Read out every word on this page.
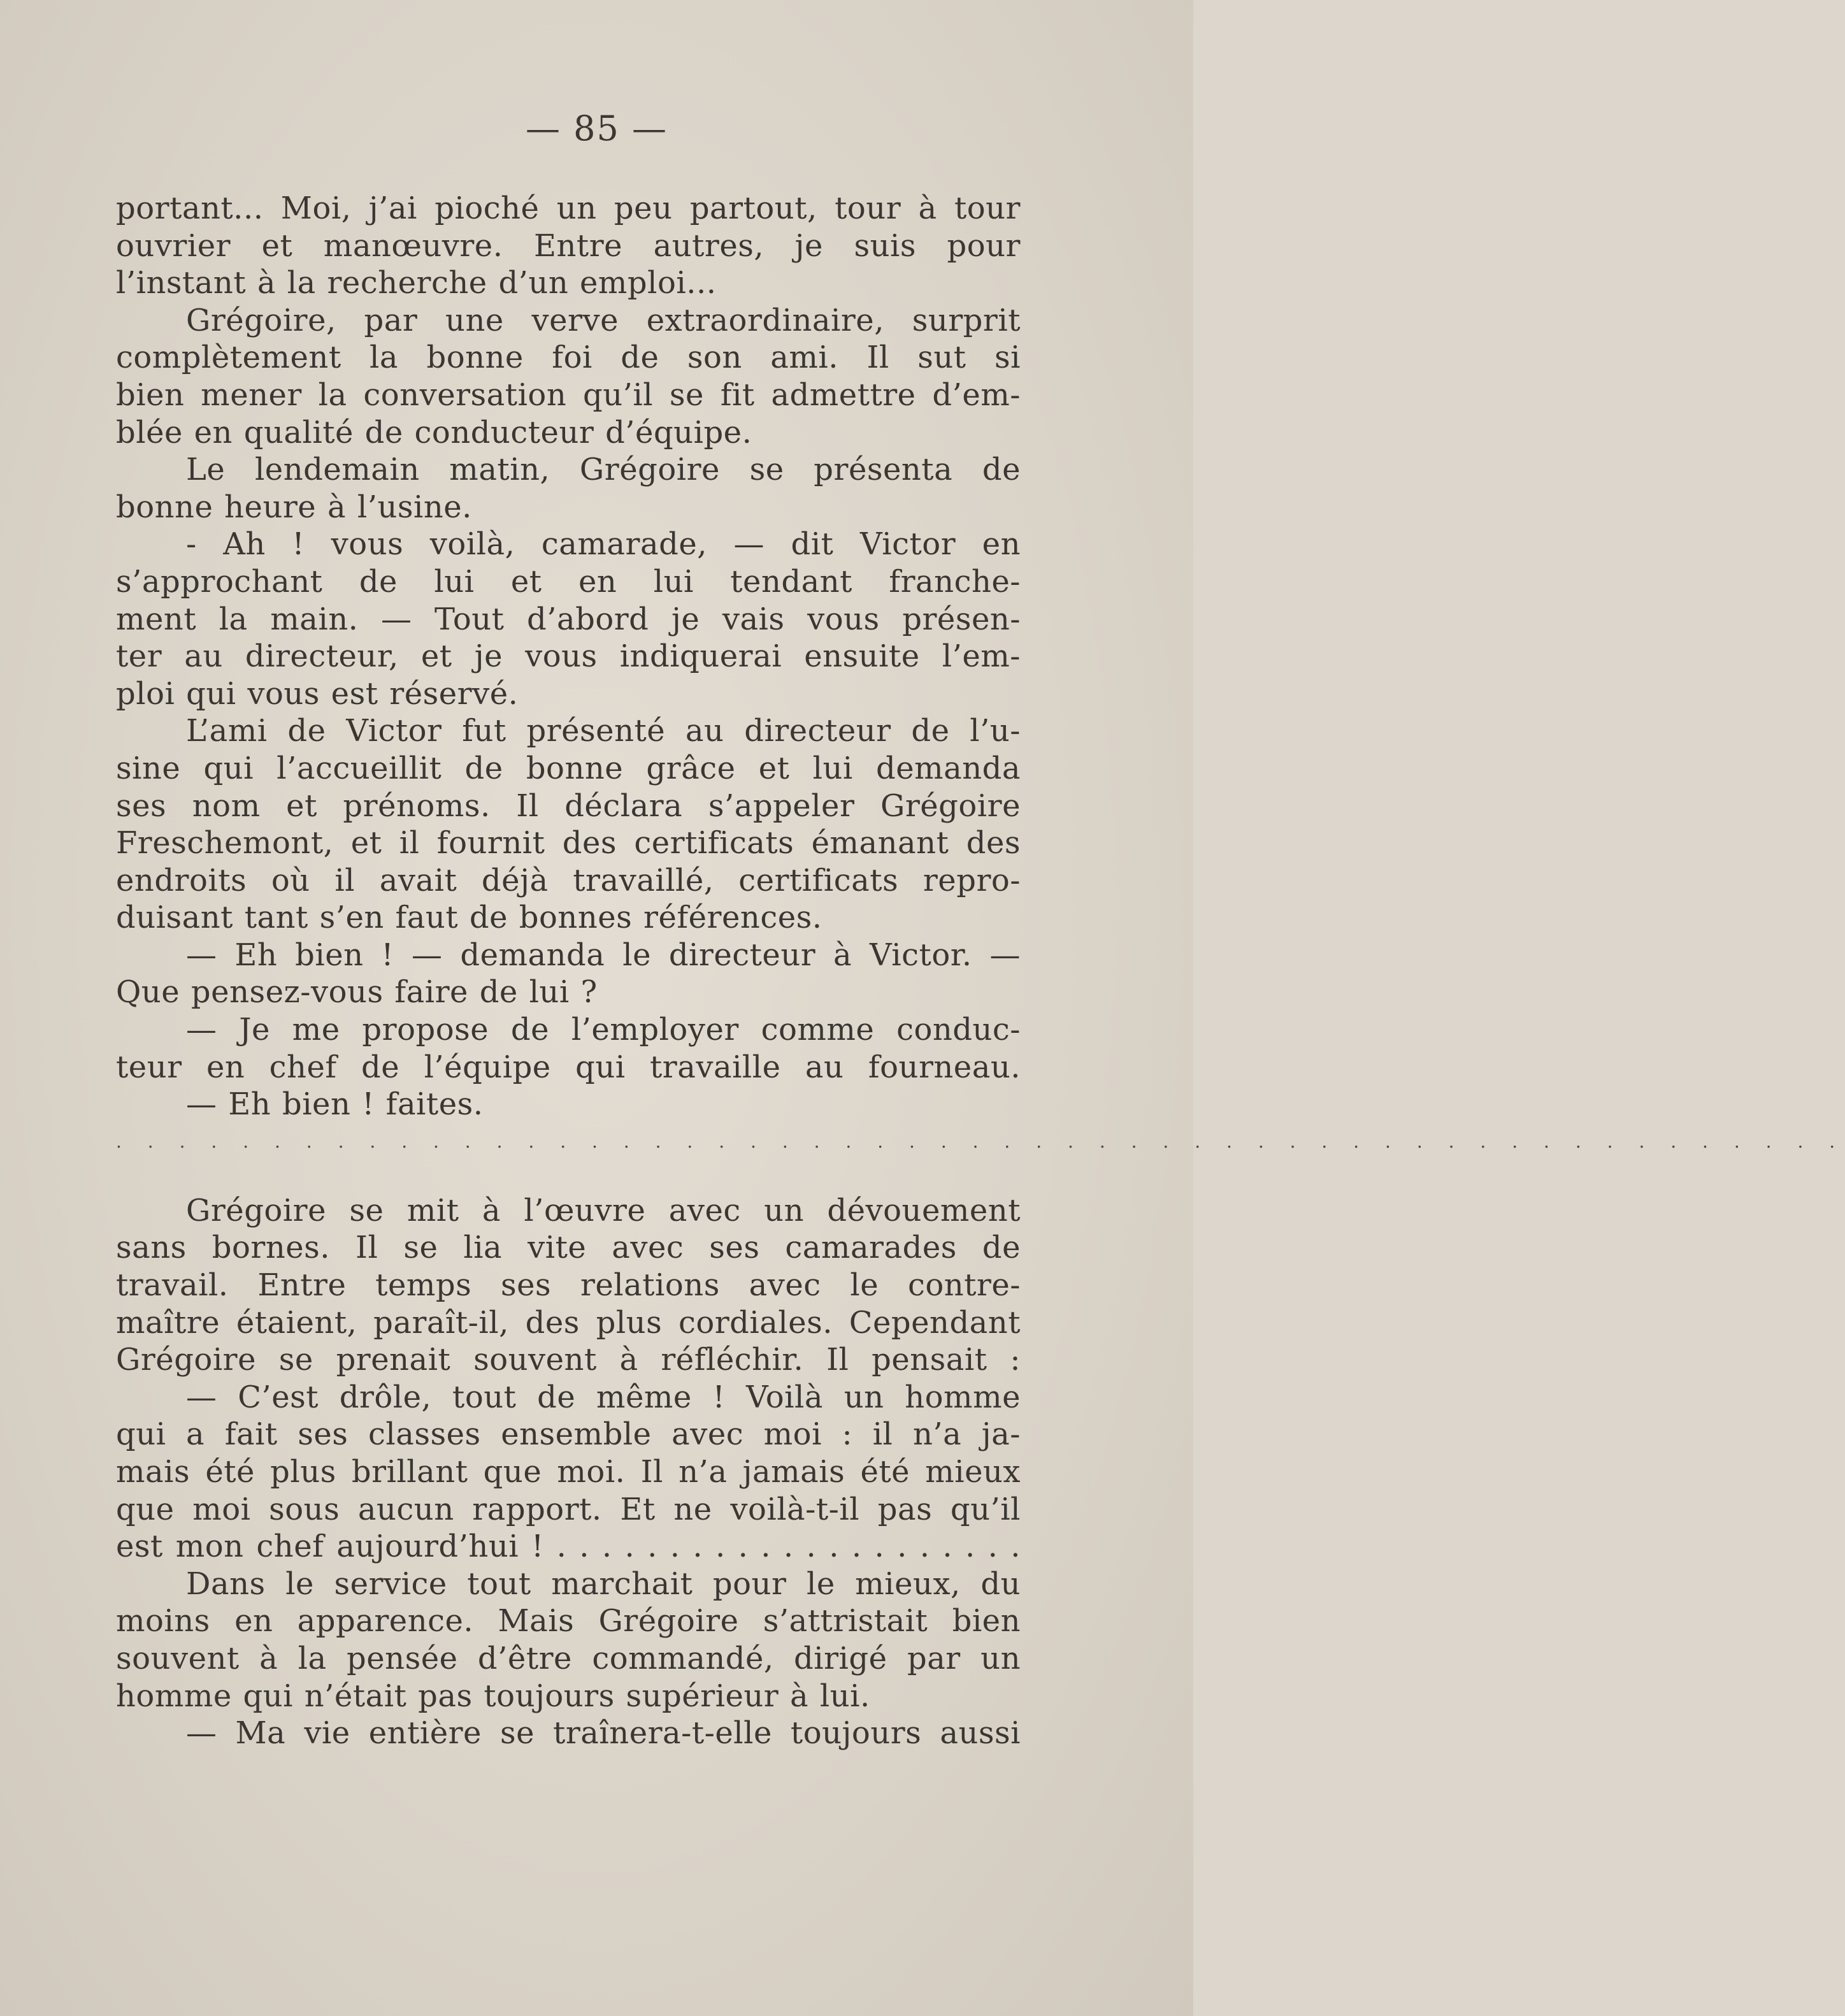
— 85 —
portant... Moi, j’ai pioché un peu partout, tour à tour
ouvrier et manœuvre. Entre autres, je suis pour
l’instant à la recherche d’un emploi...
Grégoire, par une verve extraordinaire, surprit
complètement la bonne foi de son ami. Il sut si
bien mener la conversation qu’il se fit admettre d’em-
blée en qualité de conducteur d’équipe.
Le lendemain matin, Grégoire se présenta de
bonne heure à l’usine.
- Ah ! vous voilà, camarade, — dit Victor en
s’approchant de lui et en lui tendant franche-
ment la main. — Tout d’abord je vais vous présen-
ter au directeur, et je vous indiquerai ensuite l’em-
ploi qui vous est réservé.
L’ami de Victor fut présenté au directeur de l’u-
sine qui l’accueillit de bonne grâce et lui demanda
ses nom et prénoms. Il déclara s’appeler Grégoire
Freschemont, et il fournit des certificats émanant des
endroits où il avait déjà travaillé, certificats repro-
duisant tant s’en faut de bonnes références.
— Eh bien ! — demanda le directeur à Victor. —
Que pensez-vous faire de lui ?
— Je me propose de l’employer comme conduc-
teur en chef de l’équipe qui travaille au fourneau.
— Eh bien ! faites.
. . . . . . . . . . . . . . . . . . . . . . . . . . . . . . . . . . . . . . . . . . . . . . . . . . . . . . .
Grégoire se mit à l’œuvre avec un dévouement
sans bornes. Il se lia vite avec ses camarades de
travail. Entre temps ses relations avec le contre-
maître étaient, paraît-il, des plus cordiales. Cependant
Grégoire se prenait souvent à réfléchir. Il pensait :
— C’est drôle, tout de même ! Voilà un homme
qui a fait ses classes ensemble avec moi : il n’a ja-
mais été plus brillant que moi. Il n’a jamais été mieux
que moi sous aucun rapport. Et ne voilà-t-il pas qu’il
est mon chef aujourd’hui ! . . . . . . . . . . . . . . . . . . . . .
Dans le service tout marchait pour le mieux, du
moins en apparence. Mais Grégoire s’attristait bien
souvent à la pensée d’être commandé, dirigé par un
homme qui n’était pas toujours supérieur à lui.
— Ma vie entière se traînera-t-elle toujours aussi
